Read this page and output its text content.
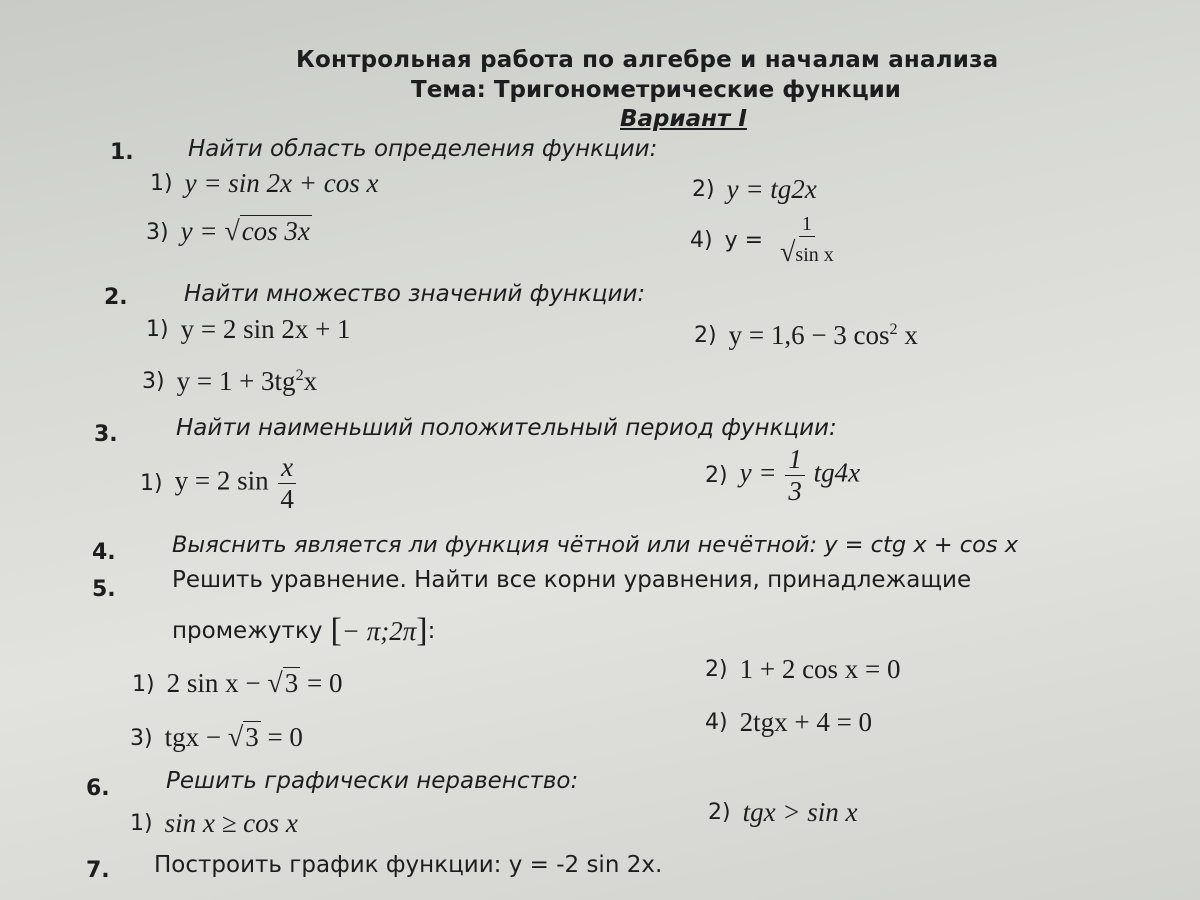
Контрольная работа по алгебре и началам анализа
Тема: Тригонометрические функции
Вариант I
1. Найти область определения функции:
1) y = sin 2x + cos x	2) y = tg2x
3) y = √cos 3x	4) $y = \frac{1}{\text{√sin x}}$
2. Найти множество значений функции:
1) y = 2 sin 2x + 1	2) y = 1,6 − 3 $\cos^2 x$
3) $y = 1 + 3tg^2x$
3.	Найти наименьший положительный период функции:
1) y = 2 $\sin \frac{x}{4}$	2) $y = \frac{1}{3} tg4x$
4.	Выяснить является ли функция чётной или нечётной: y = ctg x + cos x
5. Решить уравнение. Найти все корни уравнения, принадлежащие
промежутку [ − π;2π ] :
1) 2 sin x − √3 = 0	2) 1 + 2 cos x = 0
3) tgx − √3 = 0	4) 2tgx + 4 = 0
6. Решить графически неравенство:
1) sin x ≥ cos x	2) tgx > sin x
7. Построить график функции: y = -2 sin 2x.
